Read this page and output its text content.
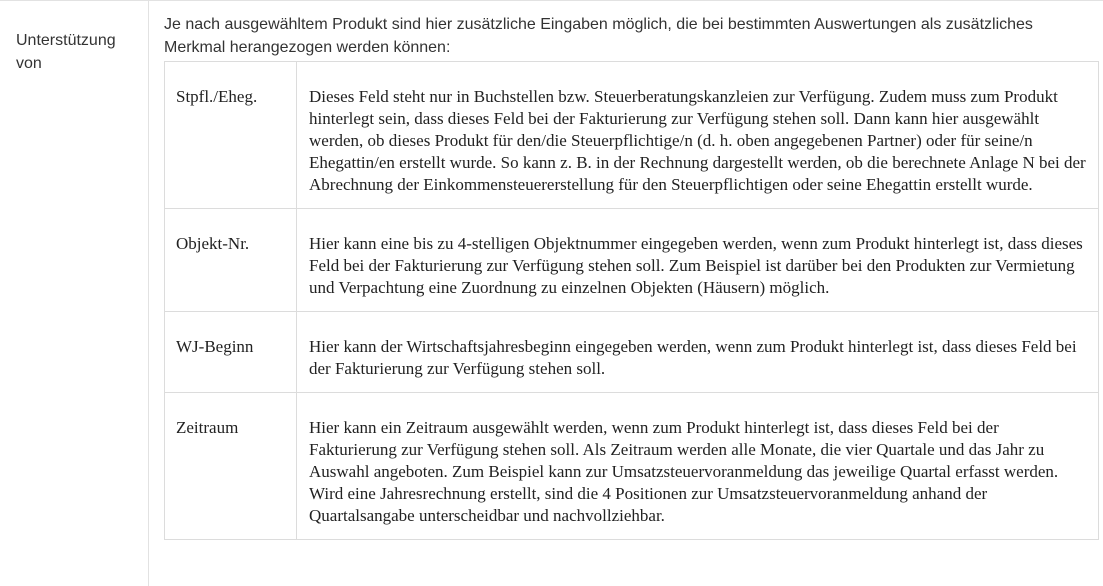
Unterstützung von
Je nach ausgewähltem Produkt sind hier zusätzliche Eingaben möglich, die bei bestimmten Auswertungen als zusätzliches Merkmal herangezogen werden können:
Stpfl./Eheg.	Dieses Feld steht nur in Buchstellen bzw. Steuerberatungskanzleien zur Verfügung. Zudem muss zum Produkt hinterlegt sein, dass dieses Feld bei der Fakturierung zur Verfügung stehen soll. Dann kann hier ausgewählt werden, ob dieses Produkt für den/die Steuerpflichtige/n (d. h. oben angegebenen Partner) oder für seine/n Ehegattin/en erstellt wurde. So kann z. B. in der Rechnung dargestellt werden, ob die berechnete Anlage N bei der Abrechnung der Einkommensteuererstellung für den Steuerpflichtigen oder seine Ehegattin erstellt wurde.
Objekt-Nr.	Hier kann eine bis zu 4-stelligen Objektnummer eingegeben werden, wenn zum Produkt hinterlegt ist, dass dieses Feld bei der Fakturierung zur Verfügung stehen soll. Zum Beispiel ist darüber bei den Produkten zur Vermietung und Verpachtung eine Zuordnung zu einzelnen Objekten (Häusern) möglich.
WJ-Beginn	Hier kann der Wirtschaftsjahresbeginn eingegeben werden, wenn zum Produkt hinterlegt ist, dass dieses Feld bei der Fakturierung zur Verfügung stehen soll.
Zeitraum	Hier kann ein Zeitraum ausgewählt werden, wenn zum Produkt hinterlegt ist, dass dieses Feld bei der Fakturierung zur Verfügung stehen soll. Als Zeitraum werden alle Monate, die vier Quartale und das Jahr zu Auswahl angeboten. Zum Beispiel kann zur Umsatzsteuervoranmeldung das jeweilige Quartal erfasst werden. Wird eine Jahresrechnung erstellt, sind die 4 Positionen zur Umsatzsteuervoranmeldung anhand der Quartalsangabe unterscheidbar und nachvollziehbar.
